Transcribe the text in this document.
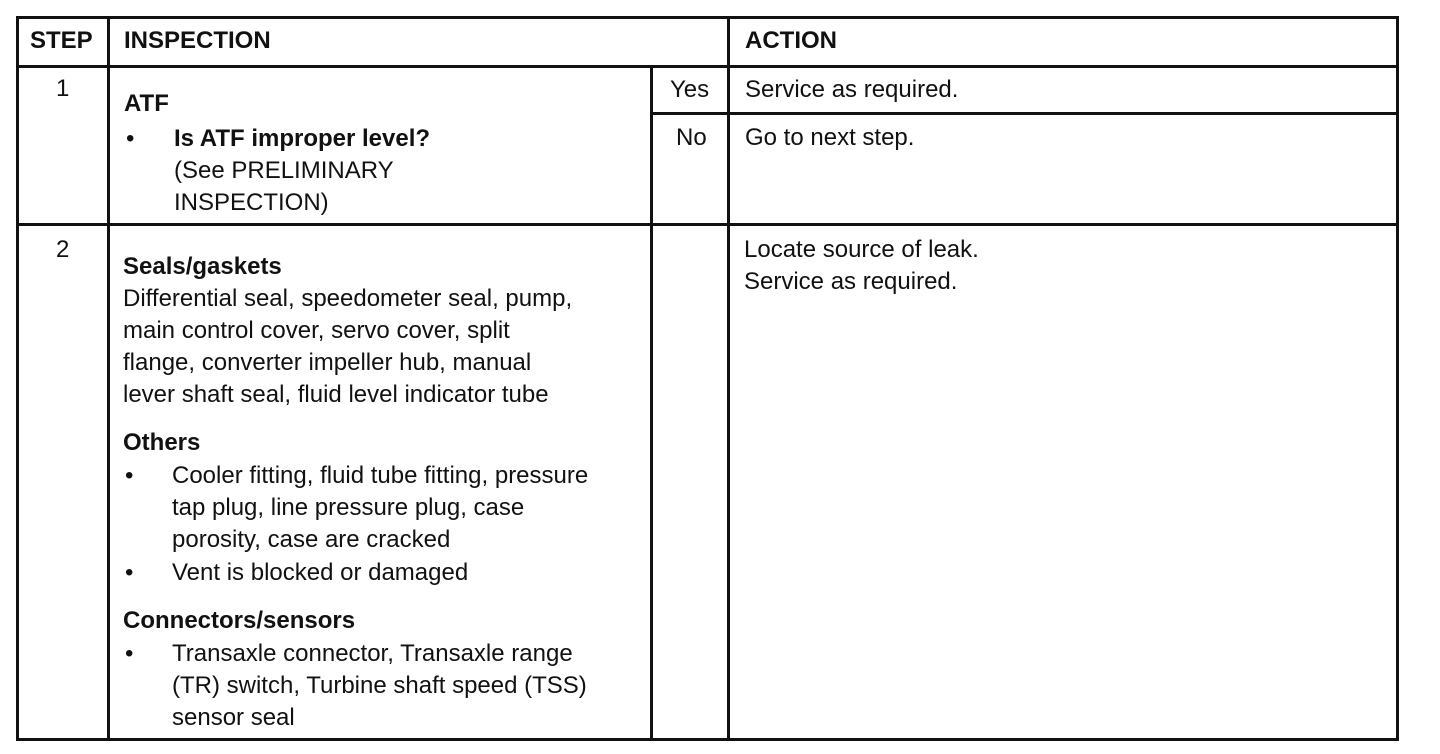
STEP INSPECTION	ACTION
1
ATF
• Is ATF improper level?
(See PRELIMINARY
INSPECTION)
Yes
No
Service as required.
Go to next step.
2
Seals/gaskets
Differential seal, speedometer seal, pump,
main control cover, servo cover, split
flange, converter impeller hub, manual
lever shaft seal, fluid level indicator tube
Others
• Cooler fitting, fluid tube fitting, pressure
tap plug, line pressure plug, case
porosity, case are cracked
• Vent is blocked or damaged
Connectors/sensors
• Transaxle connector, Transaxle range
(TR) switch, Turbine shaft speed (TSS)
sensor seal
Locate source of leak.
Service as required.
